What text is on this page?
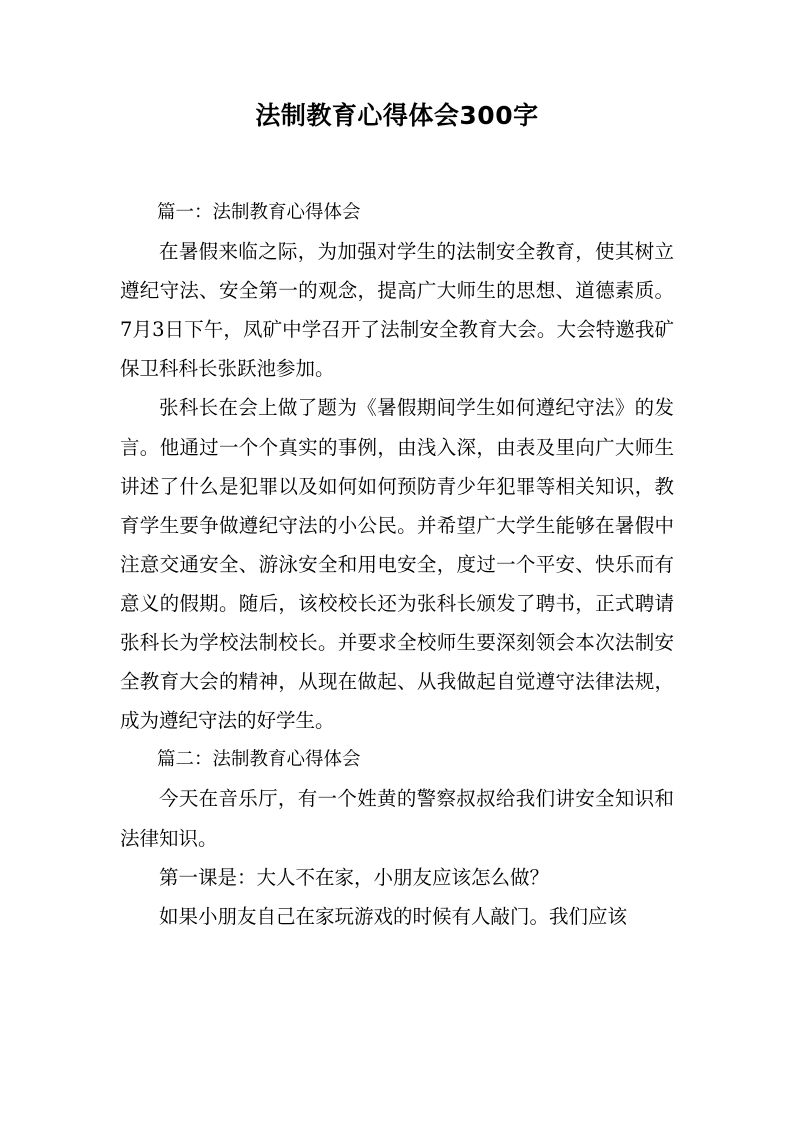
法制教育心得体会300字

篇一：法制教育心得体会

在暑假来临之际，为加强对学生的法制安全教育，使其树立遵纪守法、安全第一的观念，提高广大师生的思想、道德素质。7月3日下午，凤矿中学召开了法制安全教育大会。大会特邀我矿保卫科科长张跃池参加。

张科长在会上做了题为《暑假期间学生如何遵纪守法》的发言。他通过一个个真实的事例，由浅入深，由表及里向广大师生讲述了什么是犯罪以及如何如何预防青少年犯罪等相关知识，教育学生要争做遵纪守法的小公民。并希望广大学生能够在暑假中注意交通安全、游泳安全和用电安全，度过一个平安、快乐而有意义的假期。随后，该校校长还为张科长颁发了聘书，正式聘请张科长为学校法制校长。并要求全校师生要深刻领会本次法制安全教育大会的精神，从现在做起、从我做起自觉遵守法律法规，成为遵纪守法的好学生。

篇二：法制教育心得体会

今天在音乐厅，有一个姓黄的警察叔叔给我们讲安全知识和法律知识。

第一课是：大人不在家，小朋友应该怎么做？

如果小朋友自己在家玩游戏的时候有人敲门。我们应该
